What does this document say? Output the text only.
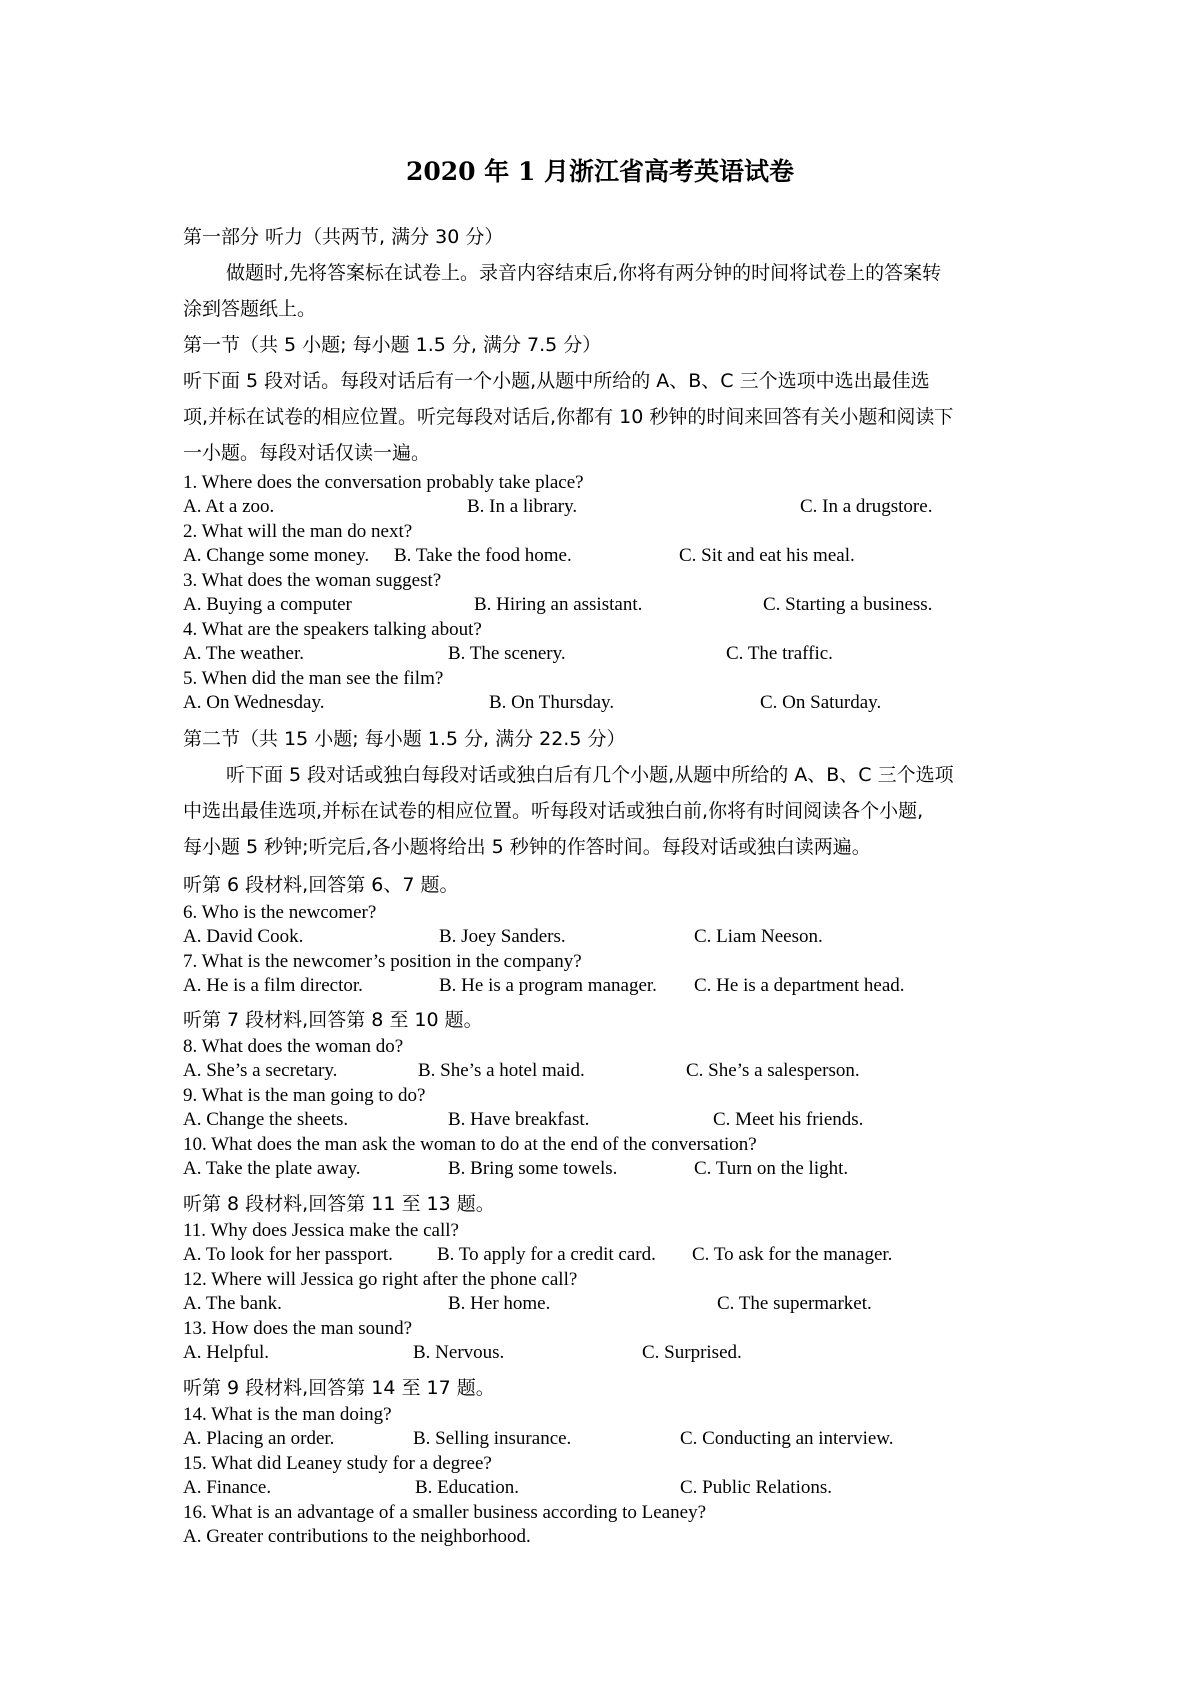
2020 年 1 月浙江省高考英语试卷
第一部分 听力（共两节, 满分 30 分）
做题时,先将答案标在试卷上。录音内容结束后,你将有两分钟的时间将试卷上的答案转
涂到答题纸上。
第一节（共 5 小题; 每小题 1.5 分, 满分 7.5 分）
听下面 5 段对话。每段对话后有一个小题,从题中所给的 A、B、C 三个选项中选出最佳选
项,并标在试卷的相应位置。听完每段对话后,你都有 10 秒钟的时间来回答有关小题和阅读下
一小题。每段对话仅读一遍。
1. Where does the conversation probably take place?
A. At a zoo.	B. In a library.	C. In a drugstore.
2. What will the man do next?
A. Change some money. B. Take the food home.	C. Sit and eat his meal.
3. What does the woman suggest?
A. Buying a computer	B. Hiring an assistant.	C. Starting a business.
4. What are the speakers talking about?
A. The weather.	B. The scenery.	C. The traffic.
5. When did the man see the film?
A. On Wednesday.	B. On Thursday.	C. On Saturday.
第二节（共 15 小题; 每小题 1.5 分, 满分 22.5 分）
听下面 5 段对话或独白每段对话或独白后有几个小题,从题中所给的 A、B、C 三个选项
中选出最佳选项,并标在试卷的相应位置。听每段对话或独白前,你将有时间阅读各个小题,
每小题 5 秒钟;听完后,各小题将给出 5 秒钟的作答时间。每段对话或独白读两遍。
听第 6 段材料,回答第 6、7 题。
6. Who is the newcomer?
A. David Cook.	B. Joey Sanders.	C. Liam Neeson.
7. What is the newcomer’s position in the company?
A. He is a film director.	B. He is a program manager. C. He is a department head.
听第 7 段材料,回答第 8 至 10 题。
8. What does the woman do?
A. She’s a secretary.	B. She’s a hotel maid.	C. She’s a salesperson.
9. What is the man going to do?
A. Change the sheets.	B. Have breakfast.	C. Meet his friends.
10. What does the man ask the woman to do at the end of the conversation?
A. Take the plate away.	B. Bring some towels.	C. Turn on the light.
听第 8 段材料,回答第 11 至 13 题。
11. Why does Jessica make the call?
A. To look for her passport. B. To apply for a credit card. C. To ask for the manager.
12. Where will Jessica go right after the phone call?
A. The bank.	B. Her home.	C. The supermarket.
13. How does the man sound?
A. Helpful.	B. Nervous.	C. Surprised.
听第 9 段材料,回答第 14 至 17 题。
14. What is the man doing?
A. Placing an order.	B. Selling insurance.	C. Conducting an interview.
15. What did Leaney study for a degree?
A. Finance.	B. Education.	C. Public Relations.
16. What is an advantage of a smaller business according to Leaney?
A. Greater contributions to the neighborhood.
